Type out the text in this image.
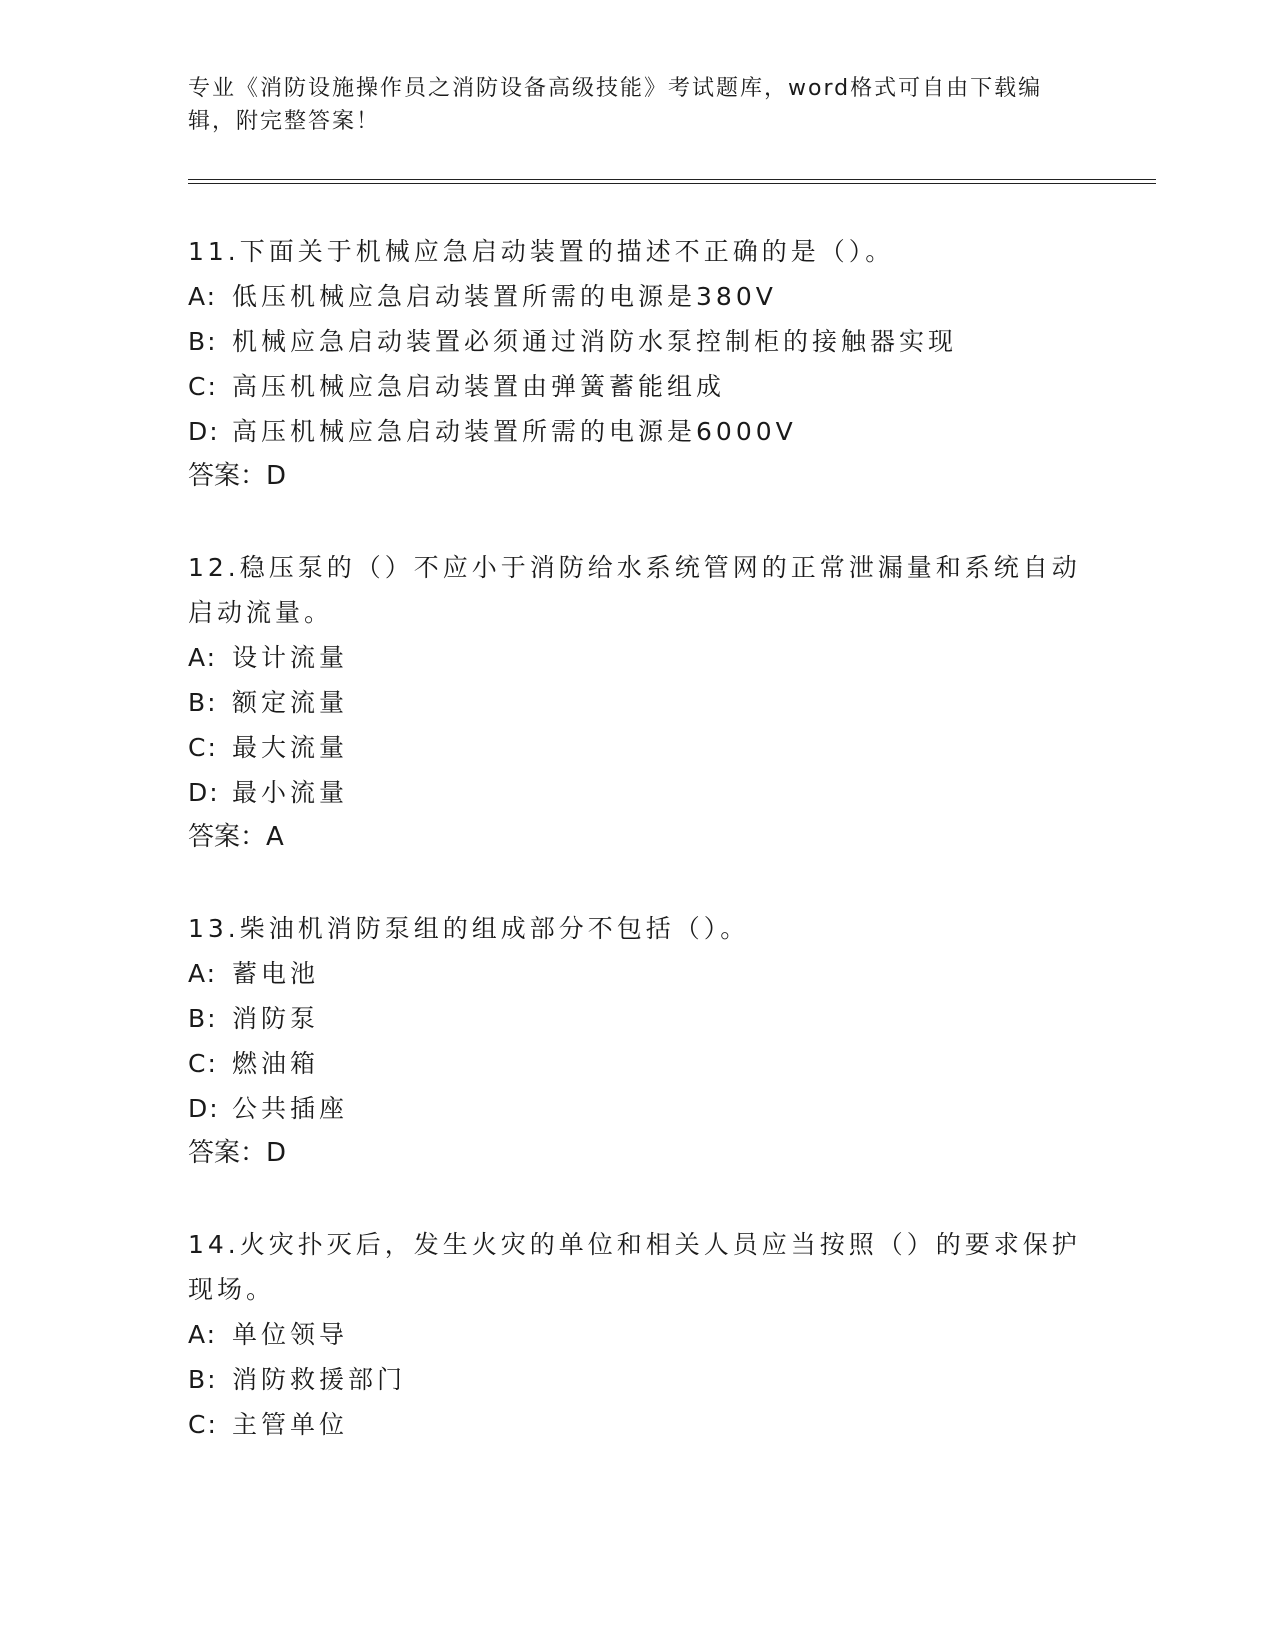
专业《消防设施操作员之消防设备高级技能》考试题库，word格式可自由下载编辑，附完整答案！
11.下面关于机械应急启动装置的描述不正确的是（）。
A: 低压机械应急启动装置所需的电源是380V
B: 机械应急启动装置必须通过消防水泵控制柜的接触器实现
C: 高压机械应急启动装置由弹簧蓄能组成
D: 高压机械应急启动装置所需的电源是6000V
答案：D
12.稳压泵的（）不应小于消防给水系统管网的正常泄漏量和系统自动启动流量。
A: 设计流量
B: 额定流量
C: 最大流量
D: 最小流量
答案：A
13.柴油机消防泵组的组成部分不包括（）。
A: 蓄电池
B: 消防泵
C: 燃油箱
D: 公共插座
答案：D
14.火灾扑灭后，发生火灾的单位和相关人员应当按照（）的要求保护现场。
A: 单位领导
B: 消防救援部门
C: 主管单位
